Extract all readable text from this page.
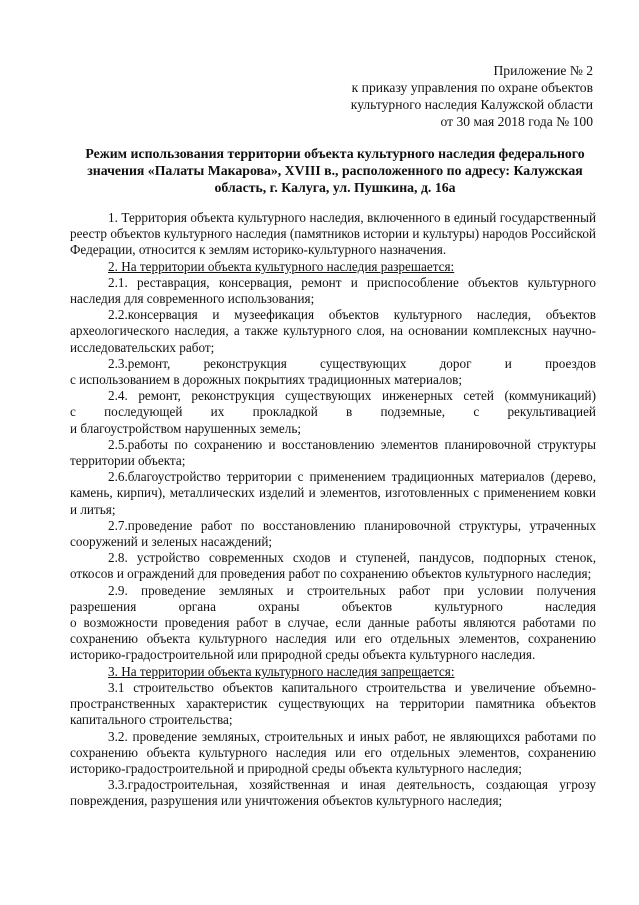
Приложение № 2
к приказу управления по охране объектов
культурного наследия Калужской области
от 30 мая 2018 года № 100
Режим использования территории объекта культурного наследия федерального
значения «Палаты Макарова», XVIII в., расположенного по адресу: Калужская
область, г. Калуга, ул. Пушкина, д. 16а

1. Территория объекта культурного наследия, включенного в единый государственный реестр объектов культурного наследия (памятников истории и культуры) народов Российской Федерации, относится к землям историко-культурного назначения.

2. На территории объекта культурного наследия разрешается:

2.1. реставрация, консервация, ремонт и приспособление объектов культурного наследия для современного использования;

2.2.консервация и музеефикация объектов культурного наследия, объектов археологического наследия, а также культурного слоя, на основании комплексных научно-исследовательских работ;

2.3.ремонт, реконструкция существующих дорог и проездов

с использованием в дорожных покрытиях традиционных материалов;

2.4. ремонт, реконструкция существующих инженерных сетей (коммуникаций)

с последующей их прокладкой в подземные, с рекультивацией

и благоустройством нарушенных земель;

2.5.работы по сохранению и восстановлению элементов планировочной структуры территории объекта;

2.6.благоустройство территории с применением традиционных материалов (дерево, камень, кирпич), металлических изделий и элементов, изготовленных с применением ковки и литья;

2.7.проведение работ по восстановлению планировочной структуры, утраченных сооружений и зеленых насаждений;

2.8. устройство современных сходов и ступеней, пандусов, подпорных стенок, откосов и ограждений для проведения работ по сохранению объектов культурного наследия;

2.9. проведение земляных и строительных работ при условии получения

разрешения органа охраны объектов культурного наследия

о возможности проведения работ в случае, если данные работы являются работами по сохранению объекта культурного наследия или его отдельных элементов, сохранению историко-градостроительной или природной среды объекта культурного наследия.

3. На территории объекта культурного наследия запрещается:

3.1 строительство объектов капитального строительства и увеличение объемно-пространственных характеристик существующих на территории памятника объектов капитального строительства;

3.2. проведение земляных, строительных и иных работ, не являющихся работами по сохранению объекта культурного наследия или его отдельных элементов, сохранению историко-градостроительной и природной среды объекта культурного наследия;

3.3.градостроительная, хозяйственная и иная деятельность, создающая угрозу повреждения, разрушения или уничтожения объектов культурного наследия;
